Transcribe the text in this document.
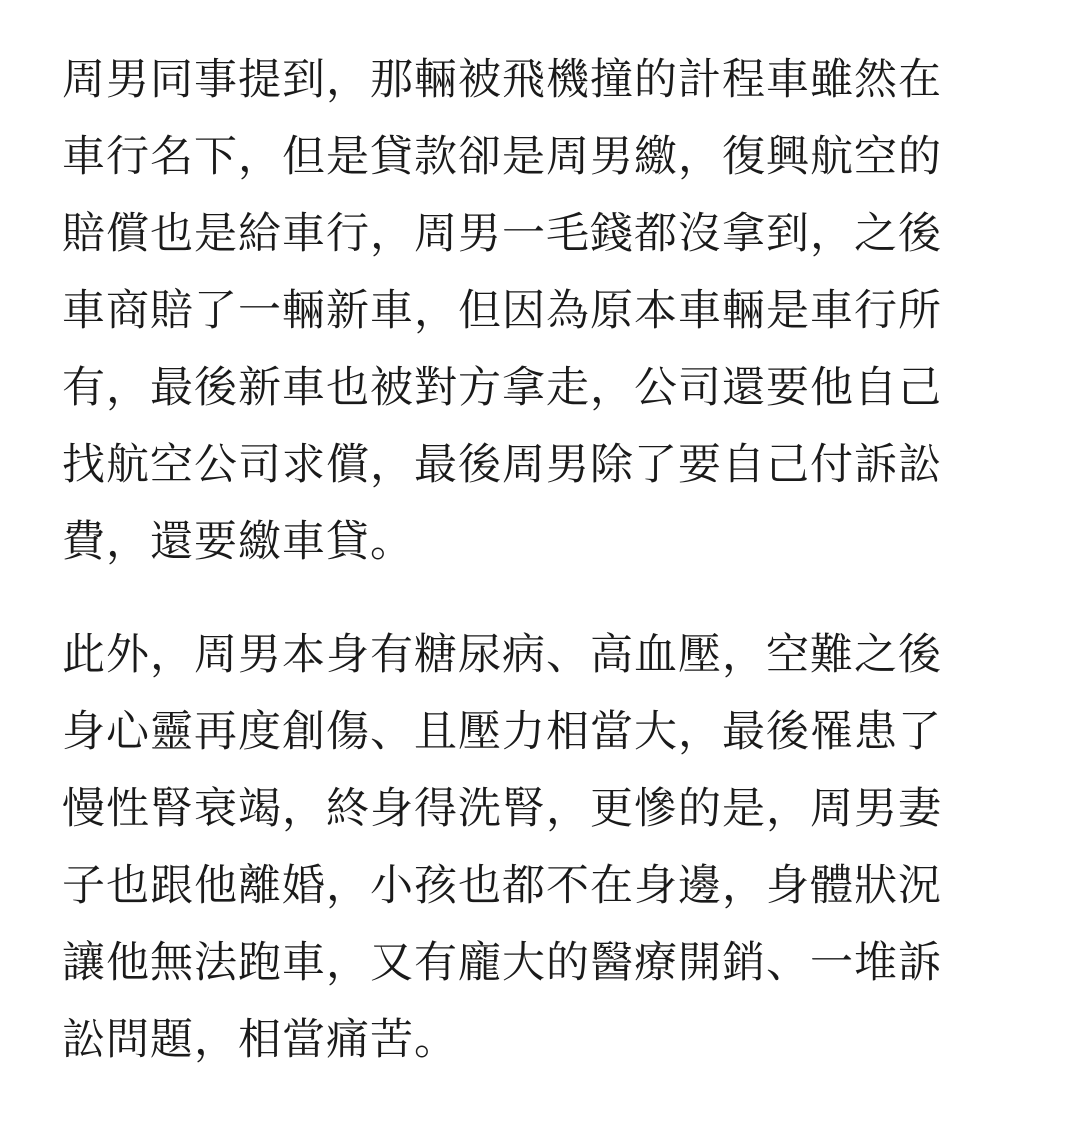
周男同事提到，那輛被飛機撞的計程車雖然在
車行名下，但是貸款卻是周男繳，復興航空的
賠償也是給車行，周男一毛錢都沒拿到，之後
車商賠了一輛新車，但因為原本車輛是車行所
有，最後新車也被對方拿走，公司還要他自己
找航空公司求償，最後周男除了要自己付訴訟
費，還要繳車貸。

此外，周男本身有糖尿病、高血壓，空難之後
身心靈再度創傷、且壓力相當大，最後罹患了
慢性腎衰竭，終身得洗腎，更慘的是，周男妻
子也跟他離婚，小孩也都不在身邊，身體狀況
讓他無法跑車，又有龐大的醫療開銷、一堆訴
訟問題，相當痛苦。
